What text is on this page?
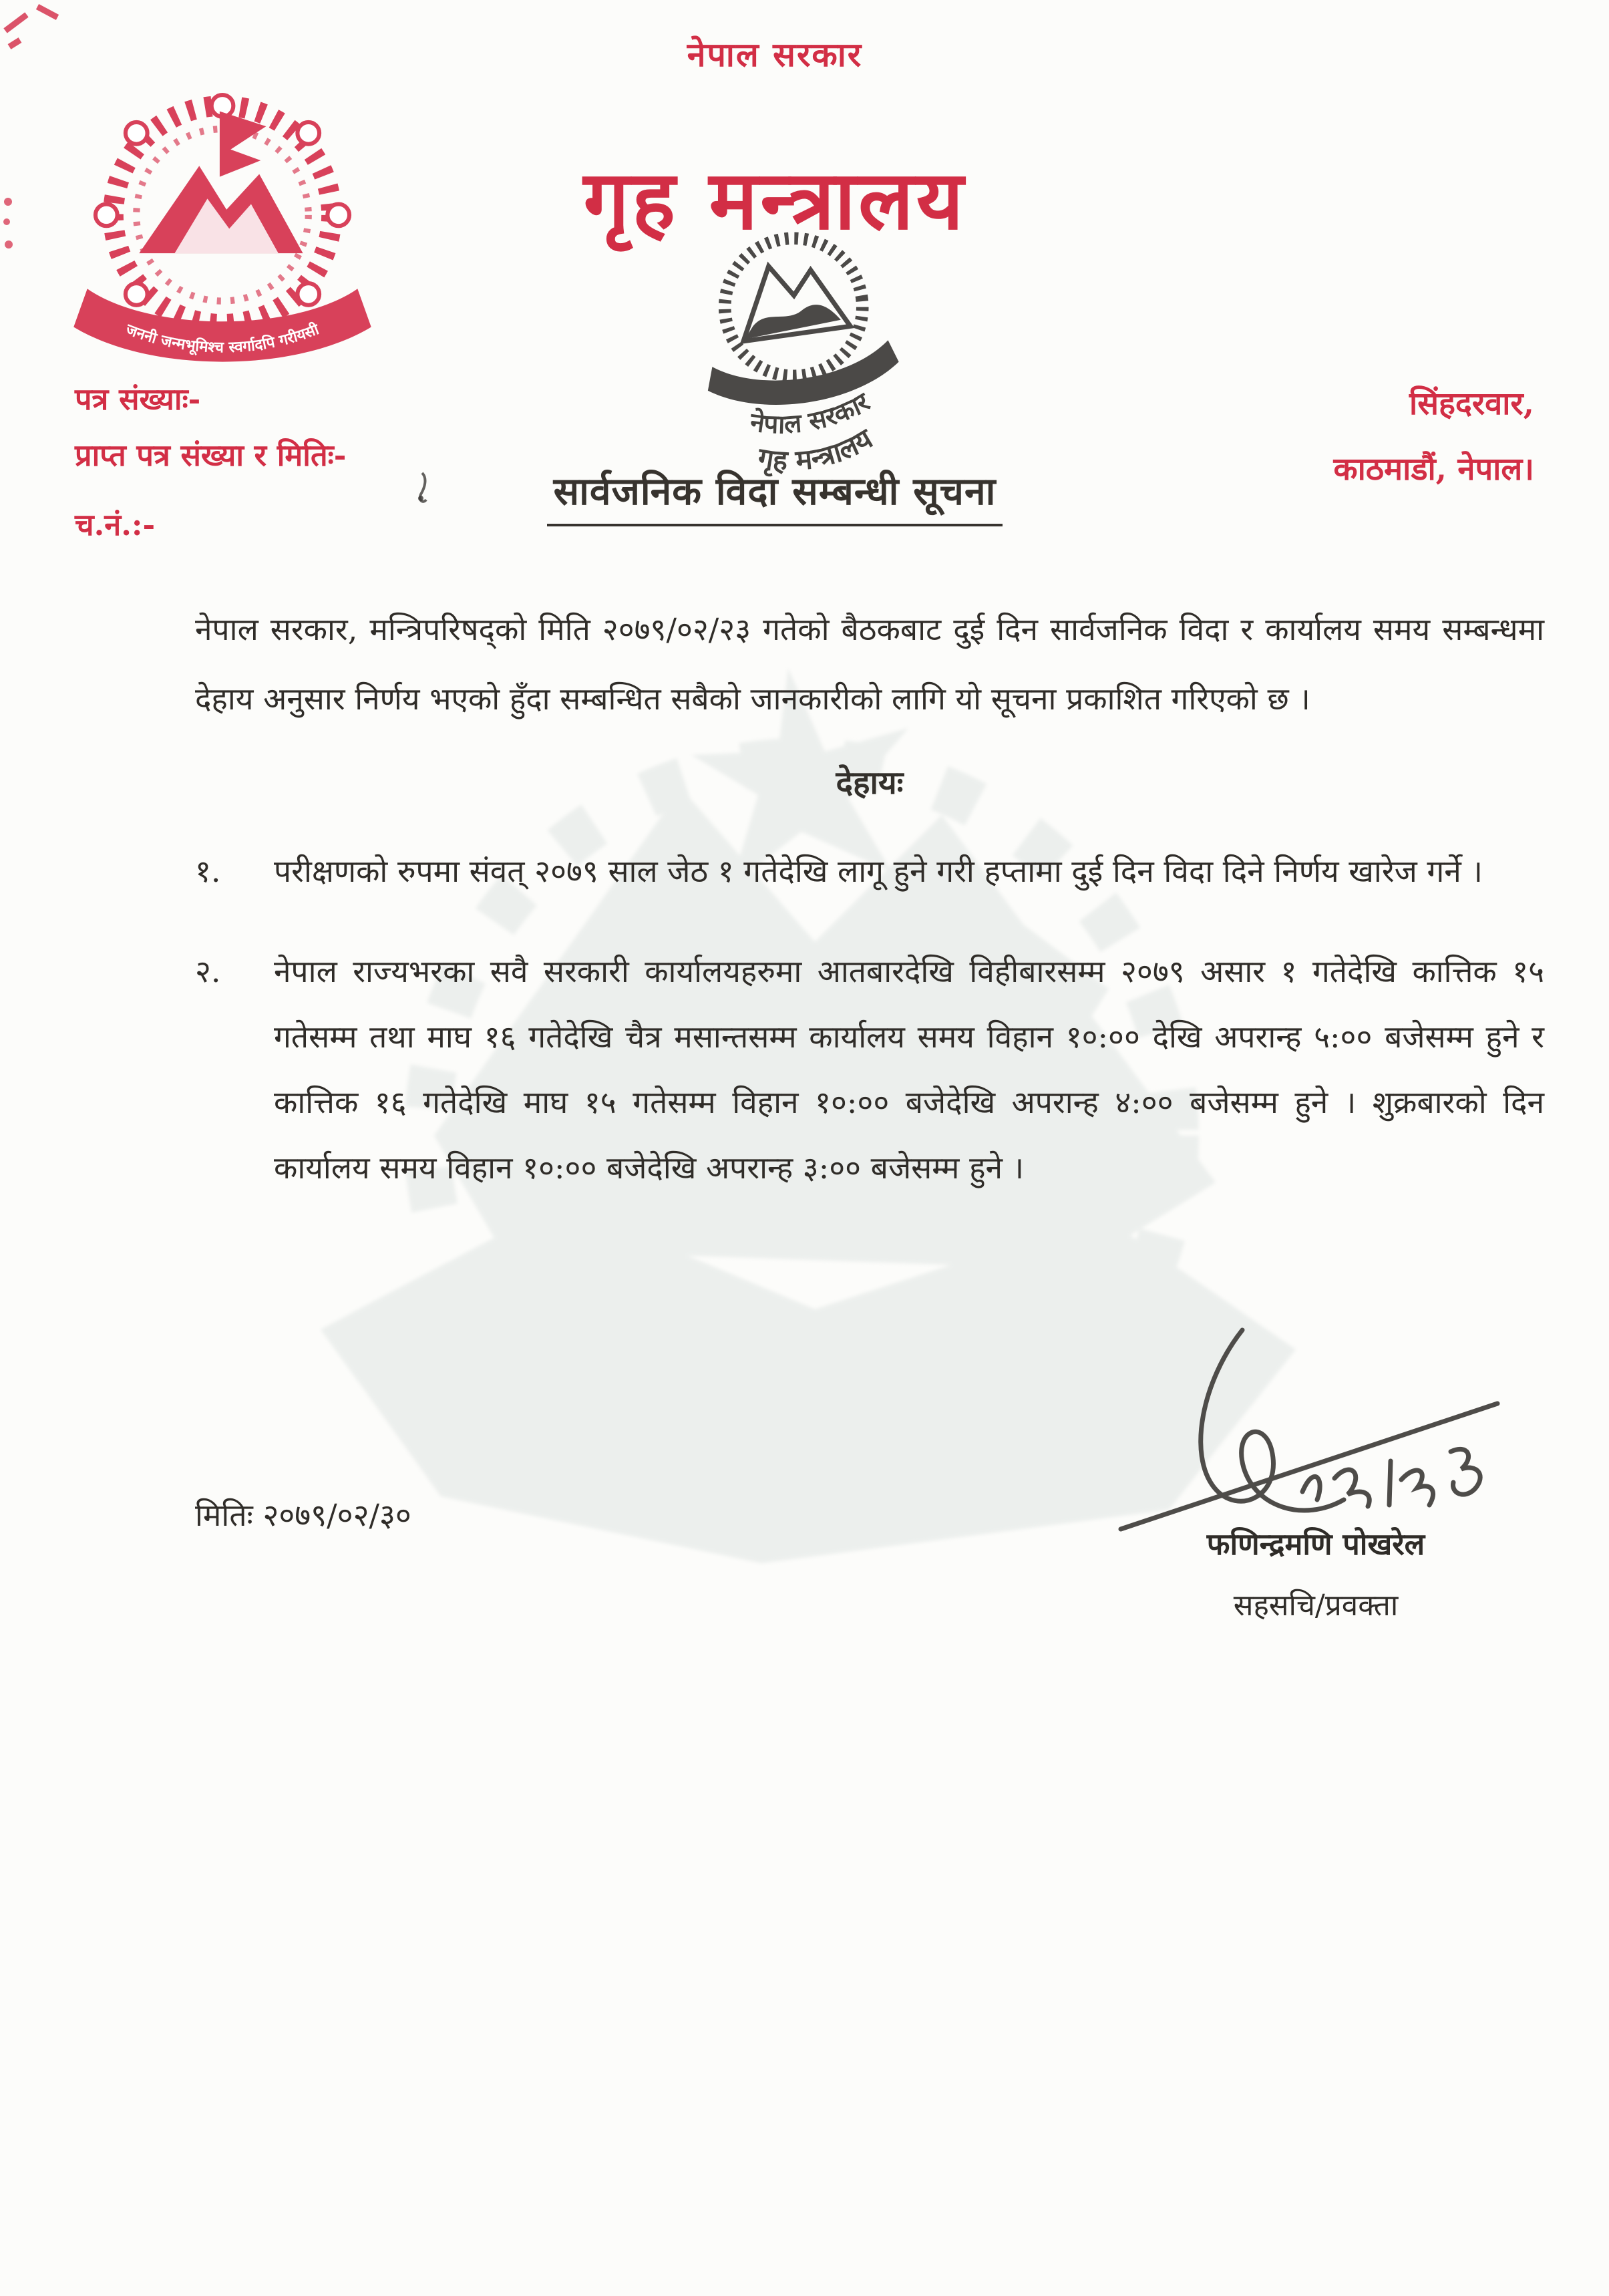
जननी जन्मभूमिश्च स्वर्गादपि गरीयसी
नेपाल सरकार
गृह मन्त्रालय
नेपाल सरकार
गृह मन्त्रालय
पत्र संख्याः-
प्राप्त पत्र संख्या र मितिः-
च.नं.:-
सिंहदरवार,
काठमाडौं, नेपाल।
सार्वजनिक विदा सम्बन्धी सूचना

नेपाल सरकार, मन्त्रिपरिषद्को मिति २०७९/०२/२३ गतेको बैठकबाट दुई दिन सार्वजनिक विदा र कार्यालय समय सम्बन्धमा देहाय अनुसार निर्णय भएको हुँदा सम्बन्धित सबैको जानकारीको लागि यो सूचना प्रकाशित गरिएको छ ।

देहायः
१.	परीक्षणको रुपमा संवत् २०७९ साल जेठ १ गतेदेखि लागू हुने गरी हप्तामा दुई दिन विदा दिने निर्णय खारेज गर्ने ।
२.	नेपाल राज्यभरका सवै सरकारी कार्यालयहरुमा आतबारदेखि विहीबारसम्म २०७९ असार १ गतेदेखि कात्तिक १५ गतेसम्म तथा माघ १६ गतेदेखि चैत्र मसान्तसम्म कार्यालय समय विहान १०:०० देखि अपरान्ह ५:०० बजेसम्म हुने र कात्तिक १६ गतेदेखि माघ १५ गतेसम्म विहान १०:०० बजेदेखि अपरान्ह ४:०० बजेसम्म हुने । शुक्रबारको दिन कार्यालय समय विहान १०:०० बजेदेखि अपरान्ह ३:०० बजेसम्म हुने ।
मितिः २०७९/०२/३०
फणिन्द्रमणि पोखरेल
सहसचि/प्रवक्ता
